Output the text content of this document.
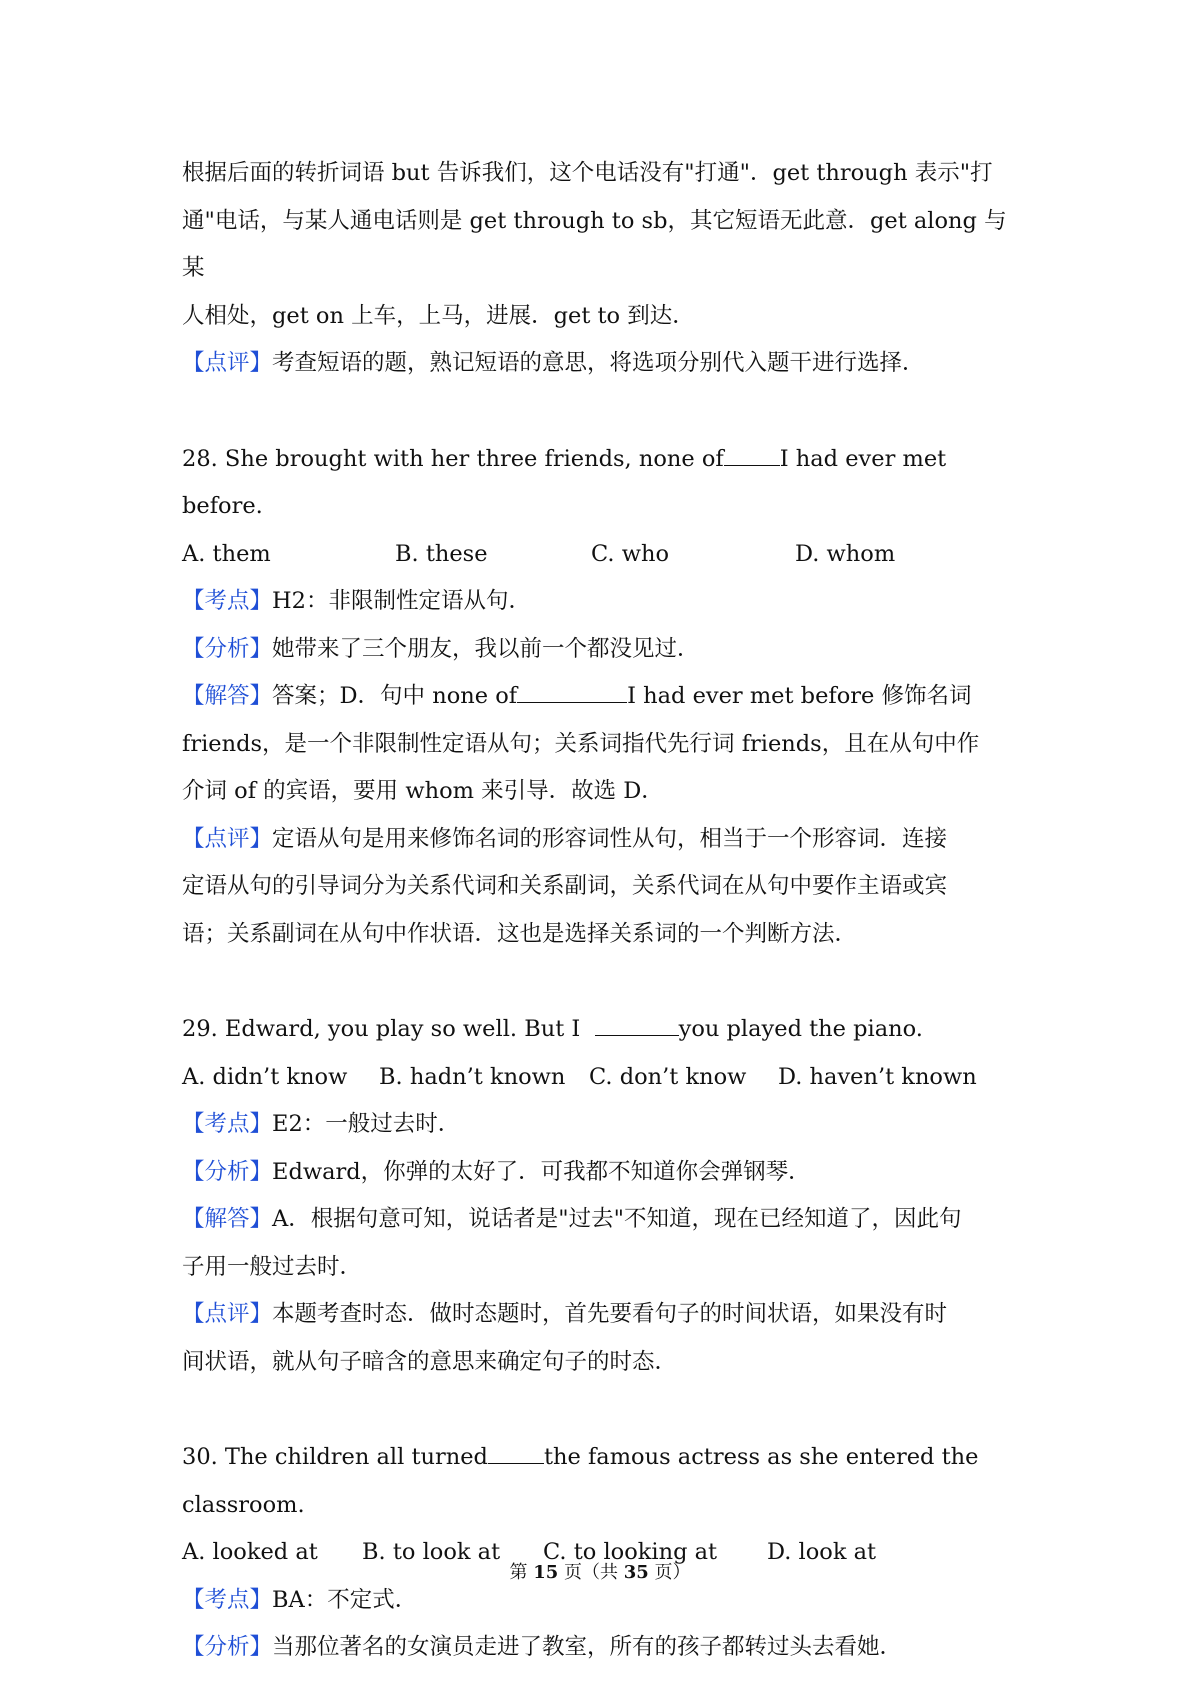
根据后面的转折词语 but 告诉我们，这个电话没有"打通"．get through 表示"打

通"电话，与某人通电话则是 get through to sb，其它短语无此意．get along 与某

人相处，get on 上车，上马，进展．get to 到达．

【点评】考查短语的题，熟记短语的意思，将选项分别代入题干进行选择．

28. She brought with her three friends, none of I had ever met before.

A. them	B. these	C. who	D. whom

【考点】H2：非限制性定语从句．

【分析】她带来了三个朋友，我以前一个都没见过．

【解答】答案；D．句中 none of	I had ever met before 修饰名词

friends，是一个非限制性定语从句；关系词指代先行词 friends，且在从句中作

介词 of 的宾语，要用 whom 来引导．故选 D．

【点评】定语从句是用来修饰名词的形容词性从句，相当于一个形容词．连接

定语从句的引导词分为关系代词和关系副词，关系代词在从句中要作主语或宾

语；关系副词在从句中作状语．这也是选择关系词的一个判断方法．

29. Edward, you play so well. But I	you played the piano.

A. didn’t know	B. hadn’t known	C. don’t know	D. haven’t known

【考点】E2：一般过去时．

【分析】Edward，你弹的太好了．可我都不知道你会弹钢琴．

【解答】A．根据句意可知，说话者是"过去"不知道，现在已经知道了，因此句

子用一般过去时．

【点评】本题考查时态．做时态题时，首先要看句子的时间状语，如果没有时

间状语，就从句子暗含的意思来确定句子的时态．

30. The children all turned the famous actress as she entered the classroom.

A. looked at	B. to look at	C. to looking at	D. look at

【考点】BA：不定式．

【分析】当那位著名的女演员走进了教室，所有的孩子都转过头去看她．

第 15 页（共 35 页）
